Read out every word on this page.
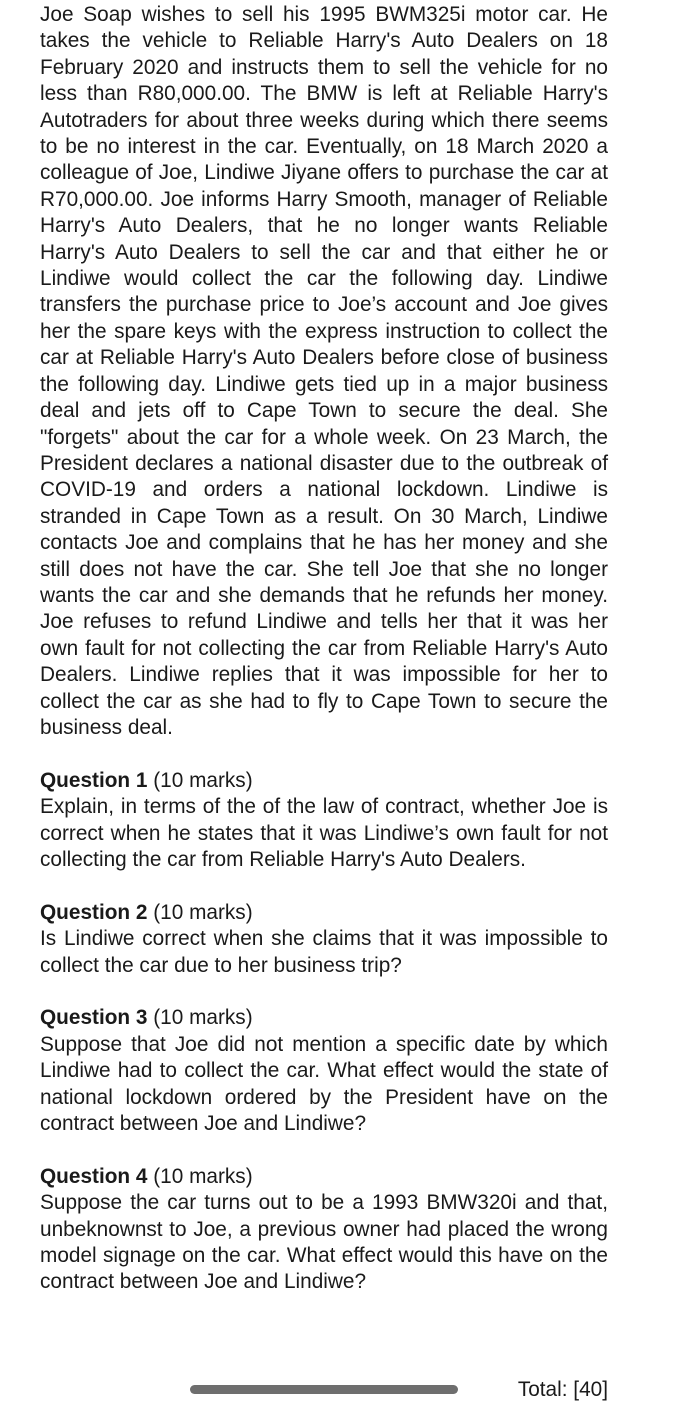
Joe Soap wishes to sell his 1995 BWM325i motor car. He takes the vehicle to Reliable Harry's Auto Dealers on 18 February 2020 and instructs them to sell the vehicle for no less than R80,000.00. The BMW is left at Reliable Harry's Autotraders for about three weeks during which there seems to be no interest in the car. Eventually, on 18 March 2020 a colleague of Joe, Lindiwe Jiyane offers to purchase the car at R70,000.00. Joe informs Harry Smooth, manager of Reliable Harry's Auto Dealers, that he no longer wants Reliable Harry's Auto Dealers to sell the car and that either he or Lindiwe would collect the car the following day. Lindiwe transfers the purchase price to Joe’s account and Joe gives her the spare keys with the express instruction to collect the car at Reliable Harry's Auto Dealers before close of business the following day. Lindiwe gets tied up in a major business deal and jets off to Cape Town to secure the deal. She "forgets" about the car for a whole week. On 23 March, the President declares a national disaster due to the outbreak of COVID-19 and orders a national lockdown. Lindiwe is stranded in Cape Town as a result. On 30 March, Lindiwe contacts Joe and complains that he has her money and she still does not have the car. She tell Joe that she no longer wants the car and she demands that he refunds her money. Joe refuses to refund Lindiwe and tells her that it was her own fault for not collecting the car from Reliable Harry's Auto Dealers. Lindiwe replies that it was impossible for her to collect the car as she had to fly to Cape Town to secure the business deal.

Question 1 (10 marks)

Explain, in terms of the of the law of contract, whether Joe is correct when he states that it was Lindiwe’s own fault for not collecting the car from Reliable Harry's Auto Dealers.

Question 2 (10 marks)

Is Lindiwe correct when she claims that it was impossible to collect the car due to her business trip?

Question 3 (10 marks)

Suppose that Joe did not mention a specific date by which Lindiwe had to collect the car. What effect would the state of national lockdown ordered by the President have on the contract between Joe and Lindiwe?

Question 4 (10 marks)

Suppose the car turns out to be a 1993 BMW320i and that, unbeknownst to Joe, a previous owner had placed the wrong model signage on the car. What effect would this have on the contract between Joe and Lindiwe?

Total: [40]
